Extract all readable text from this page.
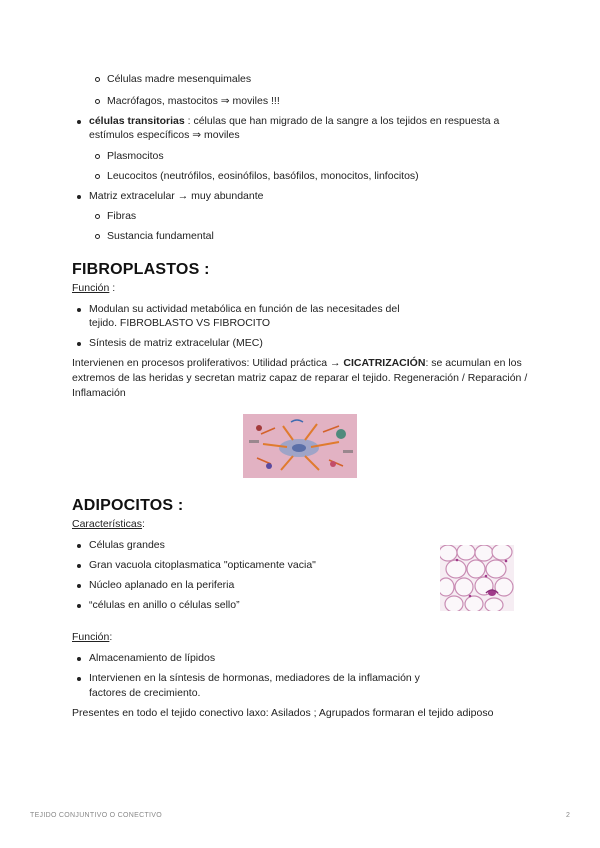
Células madre mesenquimales
Macrófagos, mastocitos ⇒ moviles !!!
células transitorias : células que han migrado de la sangre a los tejidos en respuesta a
estímulos específicos ⇒ moviles
Plasmocitos
Leucocitos (neutrófilos, eosinófilos, basófilos, monocitos, linfocitos)
Matriz extracelular → muy abundante
Fibras
Sustancia fundamental
FIBROPLASTOS :
Función :
Modulan su actividad metabólica en función de las necesitades del
tejido. FIBROBLASTO VS FIBROCITO
Síntesis de matriz extracelular (MEC)
Intervienen en procesos proliferativos: Utilidad práctica → CICATRIZACIÓN: se acumulan en los extremos de las heridas y secretan matriz capaz de reparar el tejido. Regeneración / Reparación / Inflamación
ADIPOCITOS :
Características:
Células grandes
Gran vacuola citoplasmatica "opticamente vacia"
Núcleo aplanado en la periferia
“células en anillo o células sello”
Función:
Almacenamiento de lípidos
Intervienen en la síntesis de hormonas, mediadores de la inflamación y
factores de crecimiento.
Presentes en todo el tejido conectivo laxo: Asilados ; Agrupados formaran el tejido adiposo
TEJIDO CONJUNTIVO O CONECTIVO	2
